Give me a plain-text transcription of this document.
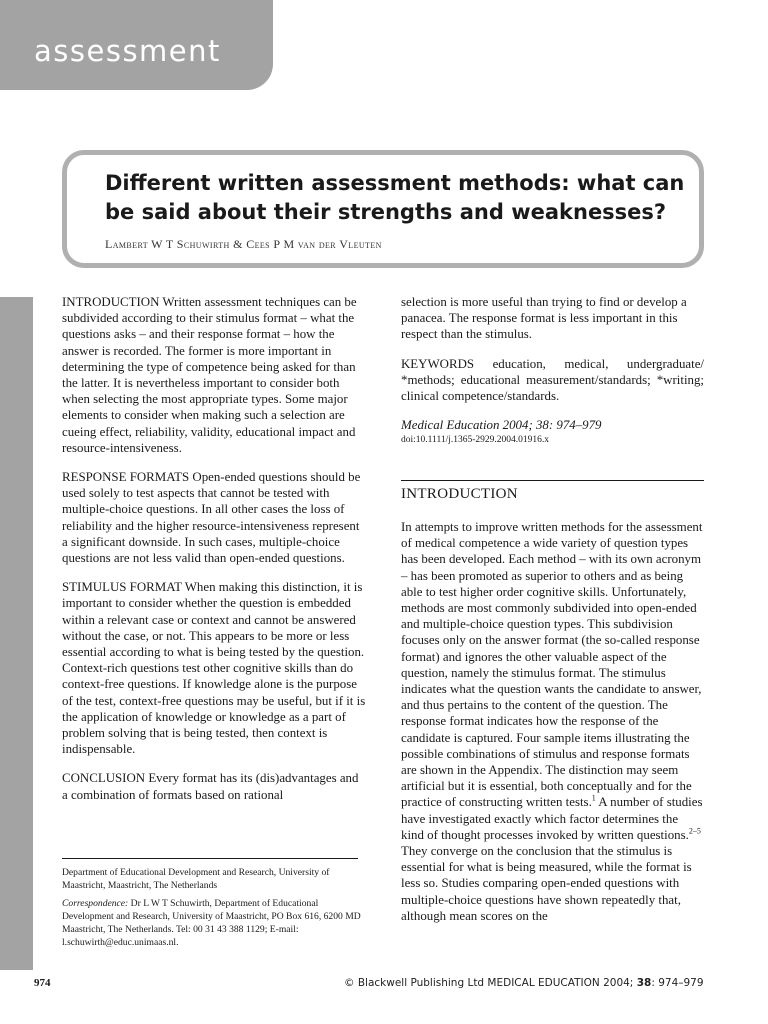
assessment
Different written assessment methods: what can be said about their strengths and weaknesses?
Lambert W T Schuwirth & Cees P M van der Vleuten

INTRODUCTION Written assessment techniques can be subdivided according to their stimulus format – what the questions asks – and their response format – how the answer is recorded. The former is more important in determining the type of competence being asked for than the latter. It is nevertheless important to consider both when selecting the most appropriate types. Some major elements to consider when making such a selection are cueing effect, reliability, validity, educational impact and resource-intensiveness.

RESPONSE FORMATS Open-ended questions should be used solely to test aspects that cannot be tested with multiple-choice questions. In all other cases the loss of reliability and the higher resource-intensiveness represent a significant downside. In such cases, multiple-choice questions are not less valid than open-ended questions.

STIMULUS FORMAT When making this distinction, it is important to consider whether the question is embedded within a relevant case or context and cannot be answered without the case, or not. This appears to be more or less essential according to what is being tested by the question. Context-rich questions test other cognitive skills than do context-free questions. If knowledge alone is the purpose of the test, context-free questions may be useful, but if it is the application of knowledge or knowledge as a part of problem solving that is being tested, then context is indispensable.

CONCLUSION Every format has its (dis)advantages and a combination of formats based on rational

selection is more useful than trying to find or develop a panacea. The response format is less important in this respect than the stimulus.

KEYWORDS education, medical, undergraduate/ *methods; educational measurement/standards; *writing; clinical competence/standards.

Medical Education 2004; 38: 974–979
doi:10.1111/j.1365-2929.2004.01916.x
INTRODUCTION

In attempts to improve written methods for the assessment of medical competence a wide variety of question types has been developed. Each method – with its own acronym – has been promoted as superior to others and as being able to test higher order cognitive skills. Unfortunately, methods are most commonly subdivided into open-ended and multiple-choice question types. This subdivision focuses only on the answer format (the so-called response format) and ignores the other valuable aspect of the question, namely the stimulus format. The stimulus indicates what the question wants the candidate to answer, and thus pertains to the content of the question. The response format indicates how the response of the candidate is captured. Four sample items illustrating the possible combinations of stimulus and response formats are shown in the Appendix. The distinction may seem artificial but it is essential, both conceptually and for the practice of constructing written tests.$^1$ A number of studies have investigated exactly which factor determines the kind of thought processes invoked by written questions.$^{2-5}$ They converge on the conclusion that the stimulus is essential for what is being measured, while the format is less so. Studies comparing open-ended questions with multiple-choice questions have shown repeatedly that, although mean scores on the

Department of Educational Development and Research, University of Maastricht, Maastricht, The Netherlands

Correspondence: Dr L W T Schuwirth, Department of Educational Development and Research, University of Maastricht, PO Box 616, 6200 MD Maastricht, The Netherlands. Tel: 00 31 43 388 1129; E-mail: l.schuwirth@educ.unimaas.nl.

974	© Blackwell Publishing Ltd MEDICAL EDUCATION 2004; 38: 974–979
